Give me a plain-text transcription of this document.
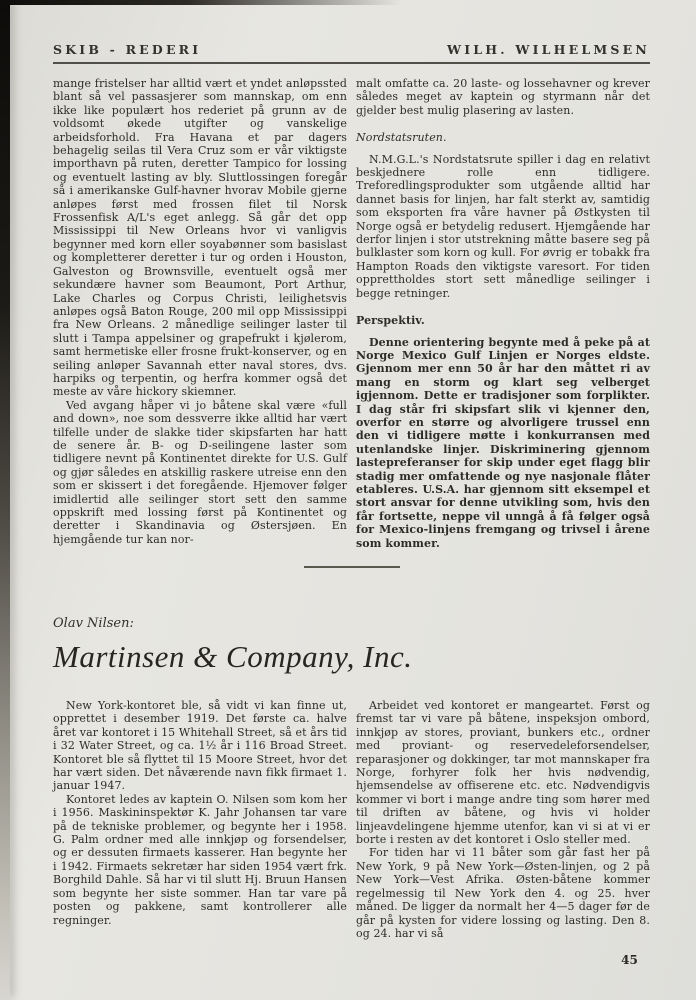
SKIB - REDERI	WILH. WILHELMSEN

mange fristelser har alltid vært et yndet anløpssted blant så vel passasjerer som mannskap, om enn ikke like populært hos rederiet på grunn av de voldsomt økede utgifter og vanskelige arbeidsforhold. Fra Havana et par dagers behagelig seilas til Vera Cruz som er vår viktigste importhavn på ruten, deretter Tampico for lossing og eventuelt lasting av bly. Sluttlossingen foregår så i amerikanske Gulf-havner hvorav Mobile gjerne anløpes først med frossen filet til Norsk Frossenfisk A/L's eget anlegg. Så går det opp Mississippi til New Orleans hvor vi vanligvis begynner med korn eller soyabønner som basislast og kompletterer deretter i tur og orden i Houston, Galveston og Brownsville, eventuelt også mer sekundære havner som Beaumont, Port Arthur, Lake Charles og Corpus Christi, leilighetsvis anløpes også Baton Rouge, 200 mil opp Mississippi fra New Orleans. 2 månedlige seilinger laster til slutt i Tampa appelsiner og grapefrukt i kjølerom, samt hermetiske eller frosne frukt-konserver, og en seiling anløper Savannah etter naval stores, dvs. harpiks og terpentin, og herfra kommer også det meste av våre hickory skiemner.

Ved avgang håper vi jo båtene skal være «full and down», noe som dessverre ikke alltid har vært tilfelle under de slakke tider skipsfarten har hatt de senere år. B- og D-seilingene laster som tidligere nevnt på Kontinentet direkte for U.S. Gulf og gjør således en atskillig raskere utreise enn den som er skissert i det foregående. Hjemover følger imidlertid alle seilinger stort sett den samme oppskrift med lossing først på Kontinentet og deretter i Skandinavia og Østersjøen. En hjemgående tur kan nor-

malt omfatte ca. 20 laste- og lossehavner og krever således meget av kaptein og styrmann når det gjelder best mulig plasering av lasten.

Nordstatsruten.

N.M.G.L.'s Nordstatsrute spiller i dag en relativt beskjednere rolle enn tidligere. Treforedlingsprodukter som utgående alltid har dannet basis for linjen, har falt sterkt av, samtidig som eksporten fra våre havner på Østkysten til Norge også er betydelig redusert. Hjemgående har derfor linjen i stor utstrekning måtte basere seg på bulklaster som korn og kull. For øvrig er tobakk fra Hampton Roads den viktigste varesort. For tiden opprettholdes stort sett månedlige seilinger i begge retninger.

Perspektiv.

Denne orientering begynte med å peke på at Norge Mexico Gulf Linjen er Norges eldste. Gjennom mer enn 50 år har den måttet ri av mang en storm og klart seg velberget igjennom. Dette er tradisjoner som forplikter. I dag står fri skipsfart slik vi kjenner den, overfor en større og alvorligere trussel enn den vi tidligere møtte i konkurransen med utenlandske linjer. Diskriminering gjennom lastepreferanser for skip under eget flagg blir stadig mer omfattende og nye nasjonale flåter etableres. U.S.A. har gjennom sitt eksempel et stort ansvar for denne utvikling som, hvis den får fortsette, neppe vil unngå å få følger også for Mexico-linjens fremgang og trivsel i årene som kommer.

Olav Nilsen:
Martinsen & Company, Inc.

New York-kontoret ble, så vidt vi kan finne ut, opprettet i desember 1919. Det første ca. halve året var kontoret i 15 Whitehall Street, så et års tid i 32 Water Street, og ca. 1½ år i 116 Broad Street. Kontoret ble så flyttet til 15 Moore Street, hvor det har vært siden. Det nåværende navn fikk firmaet 1. januar 1947.

Kontoret ledes av kaptein O. Nilsen som kom her i 1956. Maskininspektør K. Jahr Johansen tar vare på de tekniske problemer, og begynte her i 1958. G. Palm ordner med alle innkjøp og forsendelser, og er dessuten firmaets kasserer. Han begynte her i 1942. Firmaets sekretær har siden 1954 vært frk. Borghild Dahle. Så har vi til slutt Hj. Bruun Hansen som begynte her siste sommer. Han tar vare på posten og pakkene, samt kontrollerer alle regninger.

Arbeidet ved kontoret er mangeartet. Først og fremst tar vi vare på båtene, inspeksjon ombord, innkjøp av stores, proviant, bunkers etc., ordner med proviant- og reservedeleforsendelser, reparasjoner og dokkinger, tar mot mannskaper fra Norge, forhyrer folk her hvis nødvendig, hjemsendelse av offiserene etc. etc. Nødvendigvis kommer vi bort i mange andre ting som hører med til driften av båtene, og hvis vi holder linjeavdelingene hjemme utenfor, kan vi si at vi er borte i resten av det kontoret i Oslo steller med.

For tiden har vi 11 båter som går fast her på New York, 9 på New York—Østen-linjen, og 2 på New York—Vest Afrika. Østen-båtene kommer regelmessig til New York den 4. og 25. hver måned. De ligger da normalt her 4—5 dager før de går på kysten for videre lossing og lasting. Den 8. og 24. har vi så

45
